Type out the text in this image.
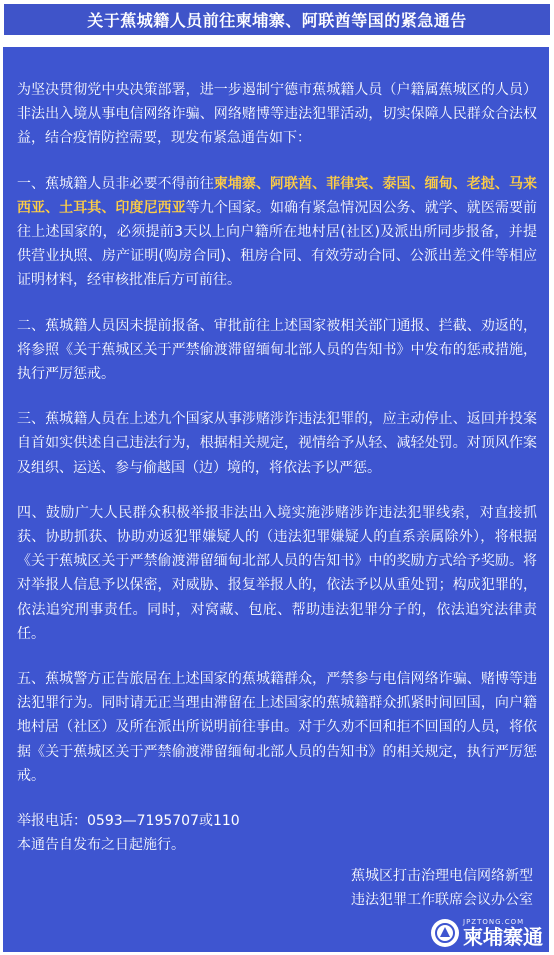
关于蕉城籍人员前往柬埔寨、阿联酋等国的紧急通告

为坚决贯彻党中央决策部署，进一步遏制宁德市蕉城籍人员（户籍属蕉城区的人员）非法出入境从事电信网络诈骗、网络赌博等违法犯罪活动，切实保障人民群众合法权益，结合疫情防控需要，现发布紧急通告如下：

一、蕉城籍人员非必要不得前往柬埔寨、阿联酋、菲律宾、泰国、缅甸、老挝、马来西亚、土耳其、印度尼西亚等九个国家。如确有紧急情况因公务、就学、就医需要前往上述国家的，必须提前3天以上向户籍所在地村居(社区)及派出所同步报备，并提供营业执照、房产证明(购房合同)、租房合同、有效劳动合同、公派出差文件等相应证明材料，经审核批准后方可前往。

二、蕉城籍人员因未提前报备、审批前往上述国家被相关部门通报、拦截、劝返的，将参照《关于蕉城区关于严禁偷渡滞留缅甸北部人员的告知书》中发布的惩戒措施，执行严厉惩戒。

三、蕉城籍人员在上述九个国家从事涉赌涉诈违法犯罪的，应主动停止、返回并投案自首如实供述自己违法行为，根据相关规定，视情给予从轻、减轻处罚。对顶风作案及组织、运送、参与偷越国（边）境的，将依法予以严惩。

四、鼓励广大人民群众积极举报非法出入境实施涉赌涉诈违法犯罪线索，对直接抓获、协助抓获、协助劝返犯罪嫌疑人的（违法犯罪嫌疑人的直系亲属除外），将根据《关于蕉城区关于严禁偷渡滞留缅甸北部人员的告知书》中的奖励方式给予奖励。将对举报人信息予以保密，对威胁、报复举报人的，依法予以从重处罚；构成犯罪的，依法追究刑事责任。同时，对窝藏、包庇、帮助违法犯罪分子的，依法追究法律责任。

五、蕉城警方正告旅居在上述国家的蕉城籍群众，严禁参与电信网络诈骗、赌博等违法犯罪行为。同时请无正当理由滞留在上述国家的蕉城籍群众抓紧时间回国，向户籍地村居（社区）及所在派出所说明前往事由。对于久劝不回和拒不回国的人员，将依据《关于蕉城区关于严禁偷渡滞留缅甸北部人员的告知书》的相关规定，执行严厉惩戒。

举报电话：0593—7195707或110
本通告自发布之日起施行。
蕉城区打击治理电信网络新型
违法犯罪工作联席会议办公室
JPZTONG.COM
柬埔寨通
